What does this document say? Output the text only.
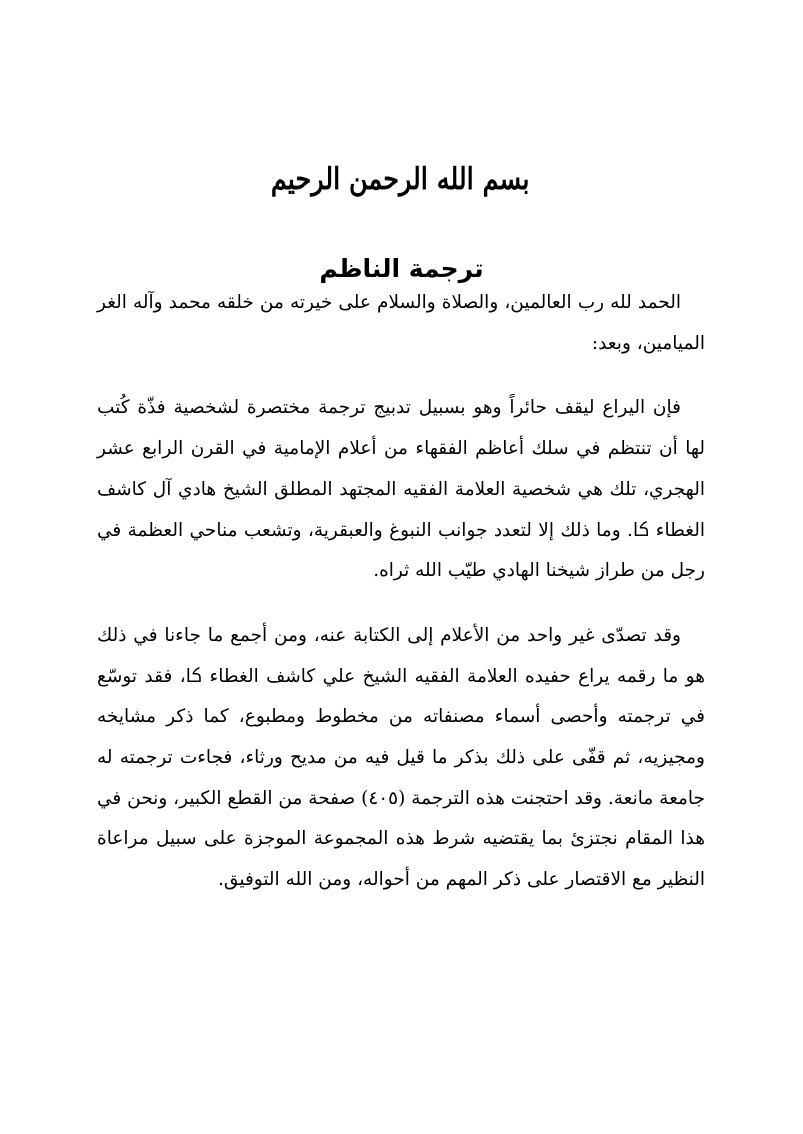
بسم الله الرحمن الرحيم
ترجمة الناظم

الحمد لله رب العالمين، والصلاة والسلام على خيرته من خلقه محمد وآله الغر الميامين، وبعد:

فإن اليراع ليقف حائراً وهو بسبيل تدبيج ترجمة مختصرة لشخصية فذّة كُتب لها أن تنتظم في سلك أعاظم الفقهاء من أعلام الإمامية في القرن الرابع عشر الهجري، تلك هي شخصية العلامة الفقيه المجتهد المطلق الشيخ هادي آل كاشف الغطاء ﰷ. وما ذلك إلا لتعدد جوانب النبوغ والعبقرية، وتشعب مناحي العظمة في رجل من طراز شيخنا الهادي طيّب الله ثراه.

وقد تصدّى غير واحد من الأعلام إلى الكتابة عنه، ومن أجمع ما جاءنا في ذلك هو ما رقمه يراع حفيده العلامة الفقيه الشيخ علي كاشف الغطاء ﰷ، فقد توسّع في ترجمته وأحصى أسماء مصنفاته من مخطوط ومطبوع، كما ذكر مشايخه ومجيزيه، ثم قفّى على ذلك بذكر ما قيل فيه من مديح ورثاء، فجاءت ترجمته له جامعة مانعة. وقد احتجنت هذه الترجمة (٤٠٥) صفحة من القطع الكبير، ونحن في هذا المقام نجتزئ بما يقتضيه شرط هذه المجموعة الموجزة على سبيل مراعاة النظير مع الاقتصار على ذكر المهم من أحواله، ومن الله التوفيق.
